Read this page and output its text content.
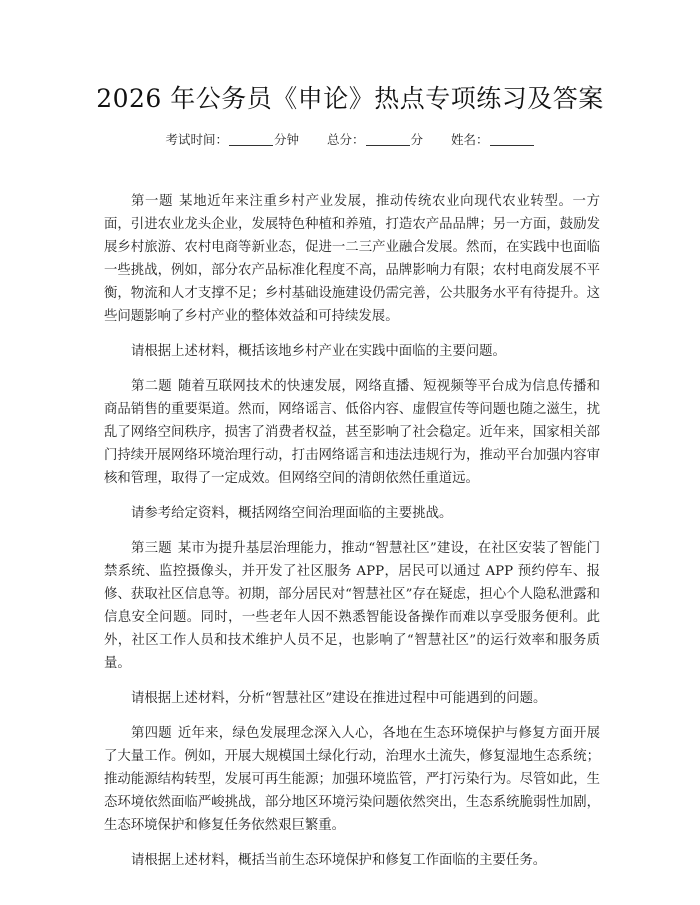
2026 年公务员《申论》热点专项练习及答案
考试时间：	分钟 总分：	分 姓名：

第一题 某地近年来注重乡村产业发展，推动传统农业向现代农业转型。一方面，引进农业龙头企业，发展特色种植和养殖，打造农产品品牌；另一方面，鼓励发展乡村旅游、农村电商等新业态，促进一二三产业融合发展。然而，在实践中也面临一些挑战，例如，部分农产品标准化程度不高，品牌影响力有限；农村电商发展不平衡，物流和人才支撑不足；乡村基础设施建设仍需完善，公共服务水平有待提升。这些问题影响了乡村产业的整体效益和可持续发展。

请根据上述材料，概括该地乡村产业在实践中面临的主要问题。

第二题 随着互联网技术的快速发展，网络直播、短视频等平台成为信息传播和商品销售的重要渠道。然而，网络谣言、低俗内容、虚假宣传等问题也随之滋生，扰乱了网络空间秩序，损害了消费者权益，甚至影响了社会稳定。近年来，国家相关部门持续开展网络环境治理行动，打击网络谣言和违法违规行为，推动平台加强内容审核和管理，取得了一定成效。但网络空间的清朗依然任重道远。

请参考给定资料，概括网络空间治理面临的主要挑战。

第三题 某市为提升基层治理能力，推动“智慧社区”建设，在社区安装了智能门禁系统、监控摄像头，并开发了社区服务 APP，居民可以通过 APP 预约停车、报修、获取社区信息等。初期，部分居民对“智慧社区”存在疑虑，担心个人隐私泄露和信息安全问题。同时，一些老年人因不熟悉智能设备操作而难以享受服务便利。此外，社区工作人员和技术维护人员不足，也影响了“智慧社区”的运行效率和服务质量。

请根据上述材料，分析“智慧社区”建设在推进过程中可能遇到的问题。

第四题 近年来，绿色发展理念深入人心，各地在生态环境保护与修复方面开展了大量工作。例如，开展大规模国土绿化行动，治理水土流失，修复湿地生态系统；推动能源结构转型，发展可再生能源；加强环境监管，严打污染行为。尽管如此，生态环境依然面临严峻挑战，部分地区环境污染问题依然突出，生态系统脆弱性加剧，生态环境保护和修复任务依然艰巨繁重。

请根据上述材料，概括当前生态环境保护和修复工作面临的主要任务。
